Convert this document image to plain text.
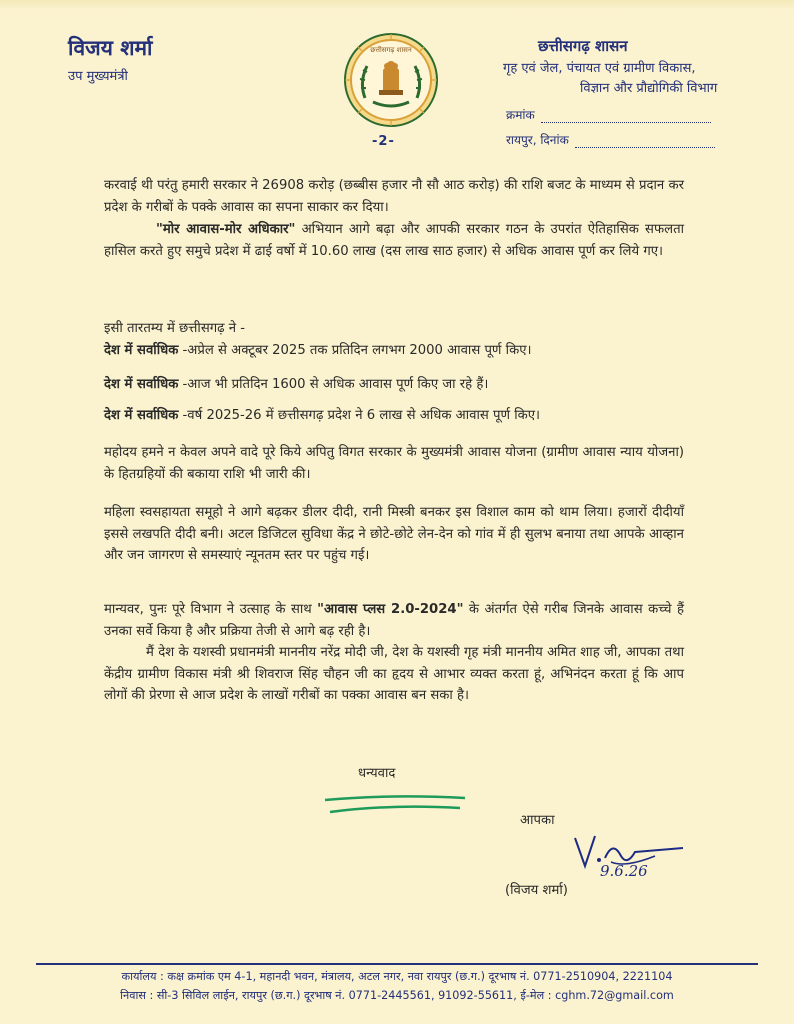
विजय शर्मा
उप मुख्यमंत्री
छत्तीसगढ़ शासन
-2-
छत्तीसगढ़ शासन
गृह एवं जेल, पंचायत एवं ग्रामीण विकास,
विज्ञान और प्रौद्योगिकी विभाग
क्रमांक
रायपुर, दिनांक
करवाई थी परंतु हमारी सरकार ने 26908 करोड़ (छब्बीस हजार नौ सौ आठ करोड़) की राशि बजट के माध्यम से प्रदान कर प्रदेश के गरीबों के पक्के आवास का सपना साकार कर दिया।
"मोर आवास-मोर अधिकार" अभियान आगे बढ़ा और आपकी सरकार गठन के उपरांत ऐतिहासिक सफलता हासिल करते हुए समुचे प्रदेश में ढाई वर्षो में 10.60 लाख (दस लाख साठ हजार) से अधिक आवास पूर्ण कर लिये गए।
इसी तारतम्य में छत्तीसगढ़ ने -
देश में सर्वाधिक -अप्रेल से अक्टूबर 2025 तक प्रतिदिन लगभग 2000 आवास पूर्ण किए।
देश में सर्वाधिक -आज भी प्रतिदिन 1600 से अधिक आवास पूर्ण किए जा रहे हैं।
देश में सर्वाधिक -वर्ष 2025-26 में छत्तीसगढ़ प्रदेश ने 6 लाख से अधिक आवास पूर्ण किए।
महोदय हमने न केवल अपने वादे पूरे किये अपितु विगत सरकार के मुख्यमंत्री आवास योजना (ग्रामीण आवास न्याय योजना) के हितग्रहियों की बकाया राशि भी जारी की।
महिला स्वसहायता समूहो ने आगे बढ़कर डीलर दीदी, रानी मिस्त्री बनकर इस विशाल काम को थाम लिया। हजारों दीदीयाँ इससे लखपति दीदी बनी। अटल डिजिटल सुविधा केंद्र ने छोटे-छोटे लेन-देन को गांव में ही सुलभ बनाया तथा आपके आव्हान और जन जागरण से समस्याएं न्यूनतम स्तर पर पहुंच गई।
मान्यवर, पुनः पूरे विभाग ने उत्साह के साथ "आवास प्लस 2.0-2024" के अंतर्गत ऐसे गरीब जिनके आवास कच्चे हैं उनका सर्वे किया है और प्रक्रिया तेजी से आगे बढ़ रही है।
मैं देश के यशस्वी प्रधानमंत्री माननीय नरेंद्र मोदी जी, देश के यशस्वी गृह मंत्री माननीय अमित शाह जी, आपका तथा केंद्रीय ग्रामीण विकास मंत्री श्री शिवराज सिंह चौहन जी का हृदय से आभार व्यक्त करता हूं, अभिनंदन करता हूं कि आप लोगों की प्रेरणा से आज प्रदेश के लाखों गरीबों का पक्का आवास बन सका है।
धन्यवाद
आपका
9.6.26
(विजय शर्मा)
कार्यालय : कक्ष क्रमांक एम 4-1, महानदी भवन, मंत्रालय, अटल नगर, नवा रायपुर (छ.ग.) दूरभाष नं. 0771-2510904, 2221104
निवास : सी-3 सिविल लाईन, रायपुर (छ.ग.) दूरभाष नं. 0771-2445561, 91092-55611, ई-मेल : cghm.72@gmail.com
